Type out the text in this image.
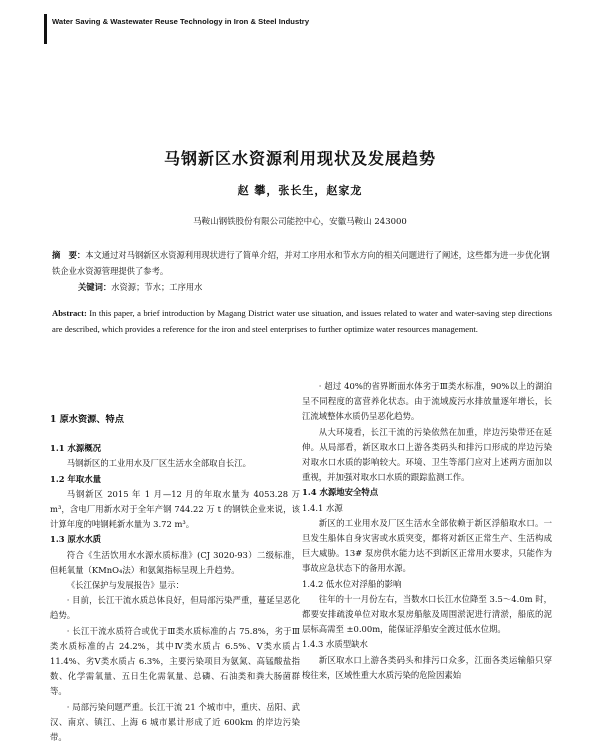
Water Saving & Wastewater Reuse Technology in Iron & Steel Industry
马钢新区水资源利用现状及发展趋势
赵 攀，张长生，赵家龙
马鞍山钢铁股份有限公司能控中心，安徽马鞍山 243000
摘　要：本文通过对马钢新区水资源利用现状进行了简单介绍，并对工序用水和节水方向的相关问题进行了阐述，这些都为进一步优化钢铁企业水资源管理提供了参考。
关键词：水资源；节水；工序用水
Abstract: In this paper, a brief introduction by Magang District water use situation, and issues related to water and water-saving step directions are described, which provides a reference for the iron and steel enterprises to further optimize water resources management.

1 原水资源、特点

1.1 水源概况

马钢新区的工业用水及厂区生活水全部取自长江。

1.2 年取水量

马钢新区 2015 年 1 月—12 月的年取水量为 4053.28 万 m³，含电厂用新水对于全年产钢 744.22 万 t 的钢铁企业来说，该计算年度的吨钢耗新水量为 3.72 m³。

1.3 原水水质

符合《生活饮用水水源水质标准》(CJ 3020-93）二级标准，但耗氧量（KMnO₄法）和氨氮指标呈现上升趋势。

《长江保护与发展报告》显示：

· 目前，长江干流水质总体良好，但局部污染严重，蔓延呈恶化趋势。

· 长江干流水质符合或优于Ⅲ类水质标准的占 75.8%，劣于Ⅲ类水质标准的占 24.2%，其中Ⅳ类水质占 6.5%、Ⅴ类水质占 11.4%、劣Ⅴ类水质占 6.3%，主要污染项目为氨氮、高锰酸盐指数、化学需氧量、五日生化需氧量、总磷、石油类和粪大肠菌群等。

· 局部污染问题严重。长江干流 21 个城市中，重庆、岳阳、武汉、南京、镇江、上海 6 城市累计形成了近 600km 的岸边污染带。

· 超过 40%的省界断面水体劣于Ⅲ类水标准，90%以上的湖泊呈不同程度的富营养化状态。由于流域废污水排放量逐年增长，长江流域整体水质仍呈恶化趋势。

从大环境看，长江干流的污染依然在加重，岸边污染带还在延伸。从局部看，新区取水口上游各类码头和排污口形成的岸边污染对取水口水质的影响较大。环境、卫生等部门应对上述两方面加以重视，并加强对取水口水质的跟踪监测工作。

1.4 水源地安全特点

1.4.1 水源

新区的工业用水及厂区生活水全部依赖于新区浮船取水口。一旦发生船体自身灾害或水质突变，都将对新区正常生产、生活构成巨大威胁。13# 泵房供水能力达不到新区正常用水要求，只能作为事故应急状态下的备用水源。

1.4.2 低水位对浮船的影响

往年的十一月份左右，当数水口长江水位降至 3.5～4.0m 时，都要安排疏浚单位对取水泵房船舷及周围淤泥进行清淤，船底的泥层标高需至 ±0.00m，能保证浮船安全渡过低水位期。

1.4.3 水质型缺水

新区取水口上游各类码头和排污口众多，江面各类运输船只穿梭往来，区域性重大水质污染的危险因素始
